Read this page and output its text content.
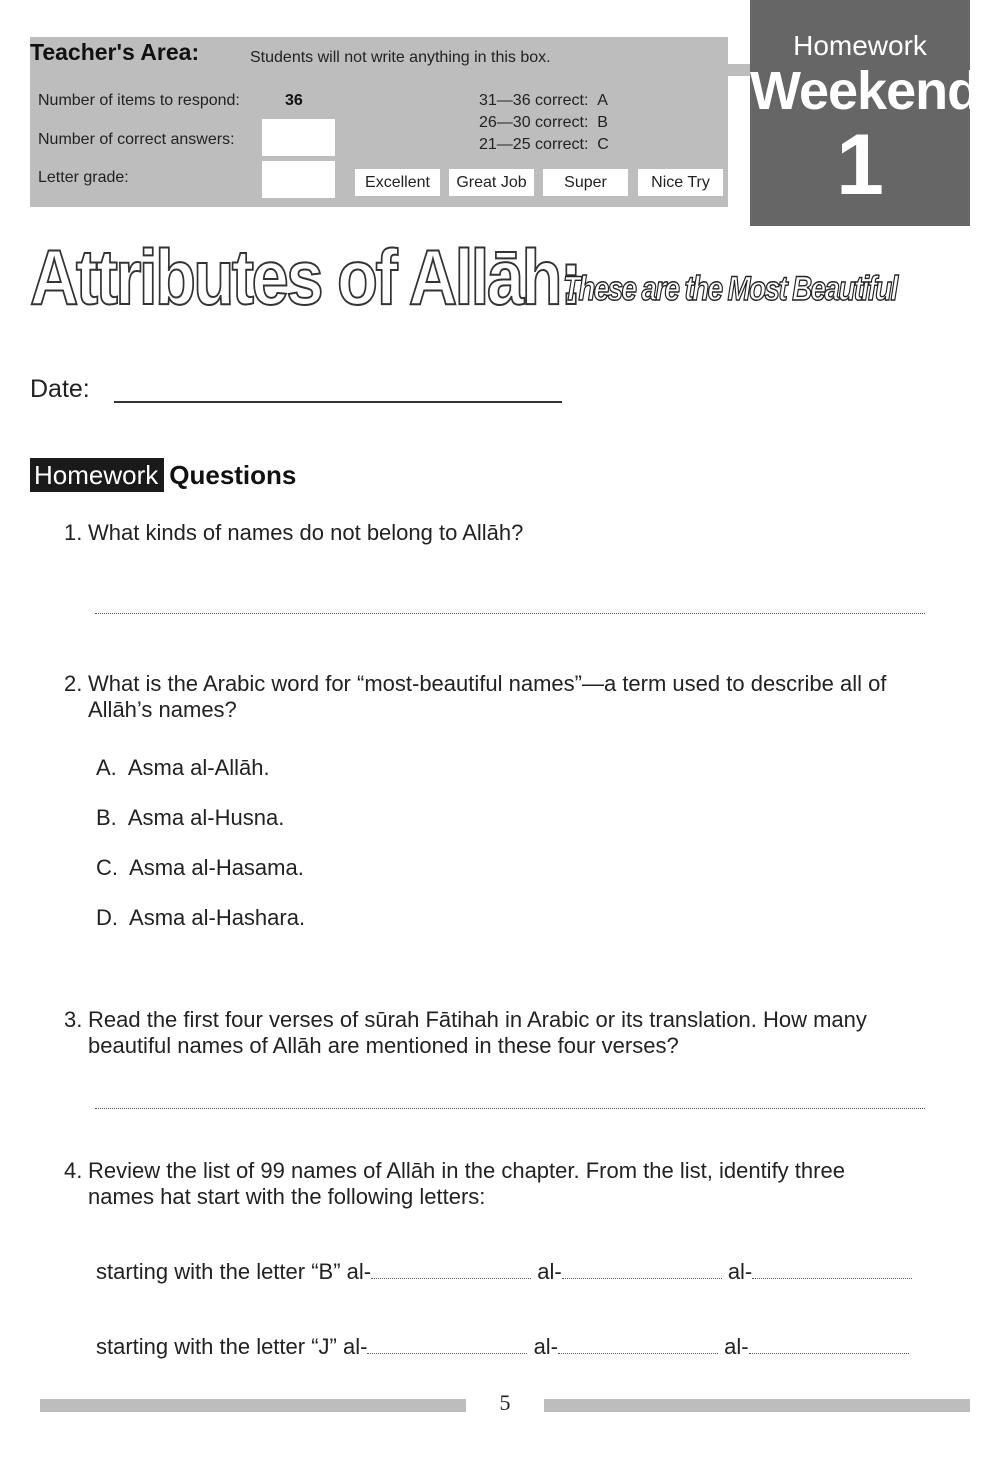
Teacher's Area:	Students will not write anything in this box.
Number of items to respond:	36
Number of correct answers:
Letter grade:
31—36 correct: A
26—30 correct: B
21—25 correct: C
Excellent	Great Job	Super	Nice Try
Homework
Weekend
1
Attributes of Allāh:
These are the Most Beautiful
Date:
Homework Questions
1. What kinds of names do not belong to Allāh?
2. What is the Arabic word for “most-beautiful names”—a term used to describe all of
Allāh’s names?
A. Asma al-Allāh.
B. Asma al-Husna.
C. Asma al-Hasama.
D. Asma al-Hashara.
3. Read the first four verses of sūrah Fātihah in Arabic or its translation. How many
beautiful names of Allāh are mentioned in these four verses?
4. Review the list of 99 names of Allāh in the chapter. From the list, identify three
names hat start with the following letters:
starting with the letter “B” al-	al-	al-
starting with the letter “J” al-	al-	al-
5
